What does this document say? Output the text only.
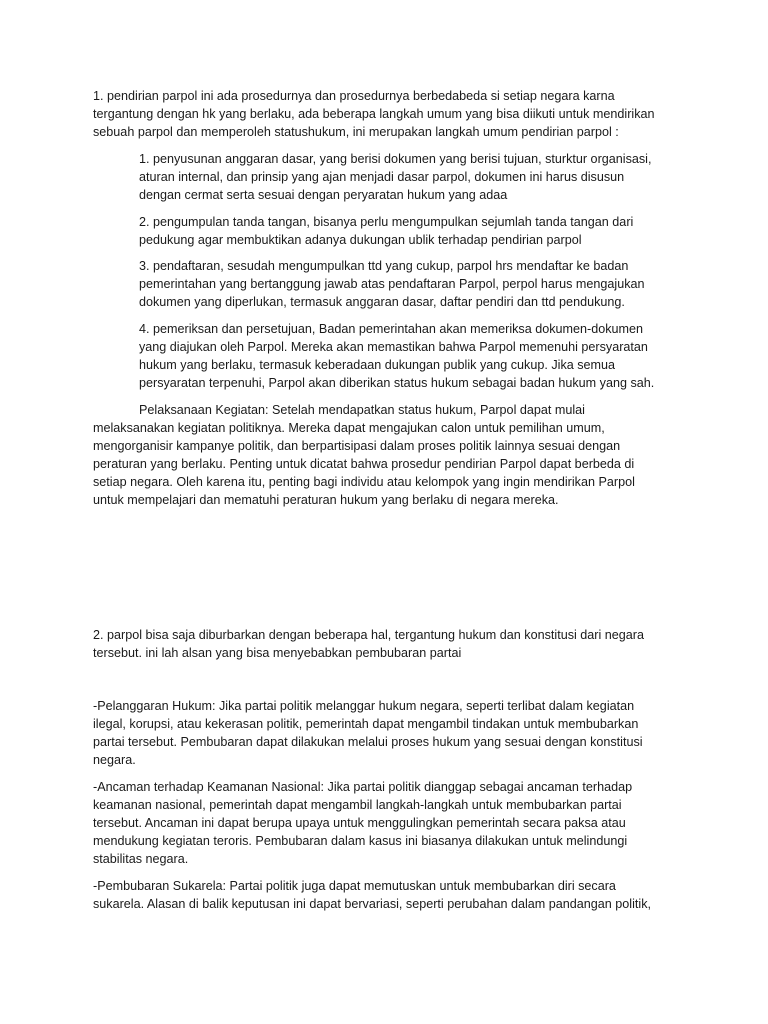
1. pendirian parpol ini ada prosedurnya dan prosedurnya berbedabeda si setiap negara karna
tergantung dengan hk yang berlaku, ada beberapa langkah umum yang bisa diikuti untuk mendirikan
sebuah parpol dan memperoleh statushukum, ini merupakan langkah umum pendirian parpol :
1. penyusunan anggaran dasar, yang berisi dokumen yang berisi tujuan, sturktur organisasi,
aturan internal, dan prinsip yang ajan menjadi dasar parpol, dokumen ini harus disusun
dengan cermat serta sesuai dengan peryaratan hukum yang adaa
2. pengumpulan tanda tangan, bisanya perlu mengumpulkan sejumlah tanda tangan dari
pedukung agar membuktikan adanya dukungan ublik terhadap pendirian parpol
3. pendaftaran, sesudah mengumpulkan ttd yang cukup, parpol hrs mendaftar ke badan
pemerintahan yang bertanggung jawab atas pendaftaran Parpol, perpol harus mengajukan
dokumen yang diperlukan, termasuk anggaran dasar, daftar pendiri dan ttd pendukung.
4. pemeriksan dan persetujuan, Badan pemerintahan akan memeriksa dokumen-dokumen
yang diajukan oleh Parpol. Mereka akan memastikan bahwa Parpol memenuhi persyaratan
hukum yang berlaku, termasuk keberadaan dukungan publik yang cukup. Jika semua
persyaratan terpenuhi, Parpol akan diberikan status hukum sebagai badan hukum yang sah.
Pelaksanaan Kegiatan: Setelah mendapatkan status hukum, Parpol dapat mulai
melaksanakan kegiatan politiknya. Mereka dapat mengajukan calon untuk pemilihan umum,
mengorganisir kampanye politik, dan berpartisipasi dalam proses politik lainnya sesuai dengan
peraturan yang berlaku. Penting untuk dicatat bahwa prosedur pendirian Parpol dapat berbeda di
setiap negara. Oleh karena itu, penting bagi individu atau kelompok yang ingin mendirikan Parpol
untuk mempelajari dan mematuhi peraturan hukum yang berlaku di negara mereka.
2. parpol bisa saja diburbarkan dengan beberapa hal, tergantung hukum dan konstitusi dari negara
tersebut. ini lah alsan yang bisa menyebabkan pembubaran partai
-Pelanggaran Hukum: Jika partai politik melanggar hukum negara, seperti terlibat dalam kegiatan
ilegal, korupsi, atau kekerasan politik, pemerintah dapat mengambil tindakan untuk membubarkan
partai tersebut. Pembubaran dapat dilakukan melalui proses hukum yang sesuai dengan konstitusi
negara.
-Ancaman terhadap Keamanan Nasional: Jika partai politik dianggap sebagai ancaman terhadap
keamanan nasional, pemerintah dapat mengambil langkah-langkah untuk membubarkan partai
tersebut. Ancaman ini dapat berupa upaya untuk menggulingkan pemerintah secara paksa atau
mendukung kegiatan teroris. Pembubaran dalam kasus ini biasanya dilakukan untuk melindungi
stabilitas negara.
-Pembubaran Sukarela: Partai politik juga dapat memutuskan untuk membubarkan diri secara
sukarela. Alasan di balik keputusan ini dapat bervariasi, seperti perubahan dalam pandangan politik,
